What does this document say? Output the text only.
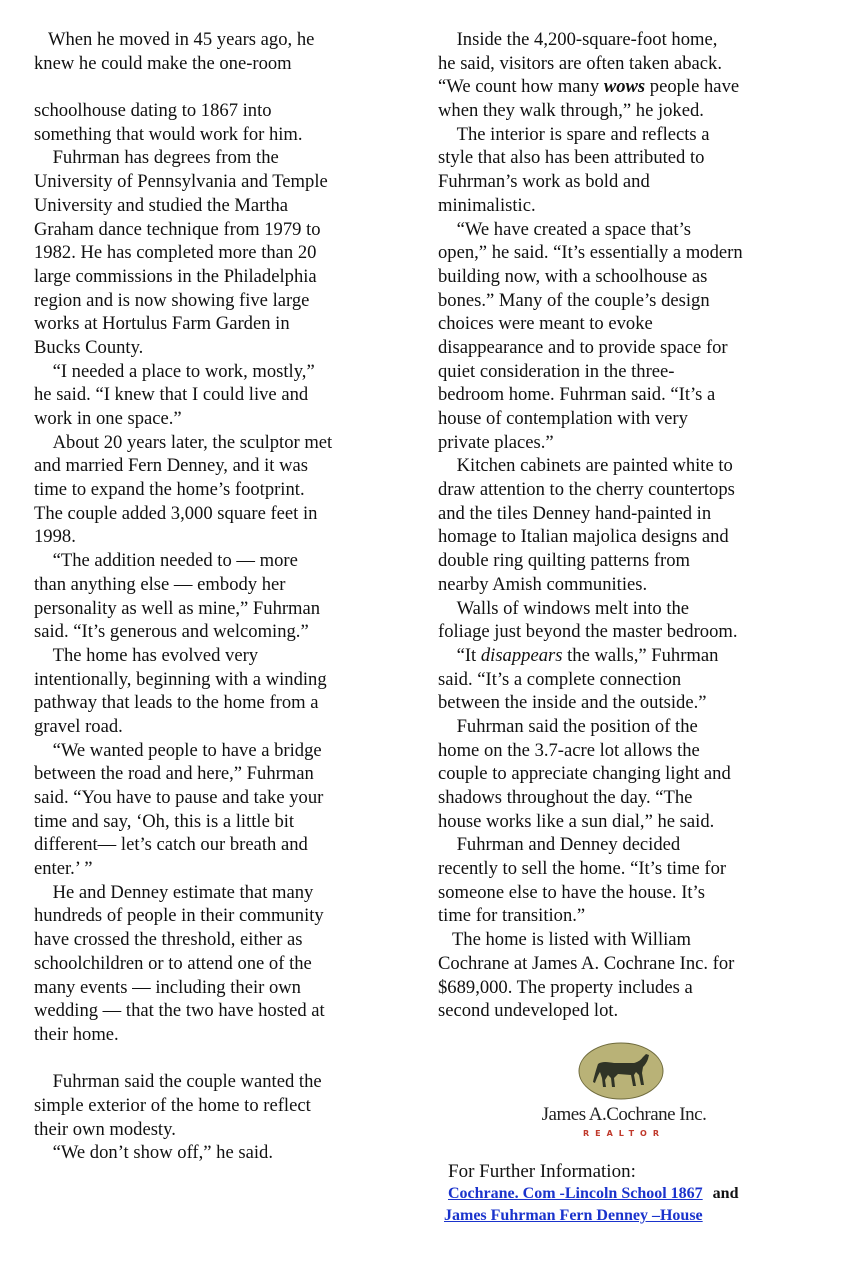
When he moved in 45 years ago, he
knew he could make the one-room
schoolhouse dating to 1867 into
something that would work for him.
Fuhrman has degrees from the
University of Pennsylvania and Temple
University and studied the Martha
Graham dance technique from 1979 to
1982. He has completed more than 20
large commissions in the Philadelphia
region and is now showing five large
works at Hortulus Farm Garden in
Bucks County.
“I needed a place to work, mostly,”
he said. “I knew that I could live and
work in one space.”
About 20 years later, the sculptor met
and married Fern Denney, and it was
time to expand the home’s footprint.
The couple added 3,000 square feet in
1998.
“The addition needed to — more
than anything else — embody her
personality as well as mine,” Fuhrman
said. “It’s generous and welcoming.”
The home has evolved very
intentionally, beginning with a winding
pathway that leads to the home from a
gravel road.
“We wanted people to have a bridge
between the road and here,” Fuhrman
said. “You have to pause and take your
time and say, ‘Oh, this is a little bit
different— let’s catch our breath and
enter.’ ”
He and Denney estimate that many
hundreds of people in their community
have crossed the threshold, either as
schoolchildren or to attend one of the
many events — including their own
wedding — that the two have hosted at
their home.
Fuhrman said the couple wanted the
simple exterior of the home to reflect
their own modesty.
“We don’t show off,” he said.
Inside the 4,200-square-foot home,
he said, visitors are often taken aback.
“We count how many wows people have
when they walk through,” he joked.
The interior is spare and reflects a
style that also has been attributed to
Fuhrman’s work as bold and
minimalistic.
“We have created a space that’s
open,” he said. “It’s essentially a modern
building now, with a schoolhouse as
bones.” Many of the couple’s design
choices were meant to evoke
disappearance and to provide space for
quiet consideration in the three-
bedroom home. Fuhrman said. “It’s a
house of contemplation with very
private places.”
Kitchen cabinets are painted white to
draw attention to the cherry countertops
and the tiles Denney hand-painted in
homage to Italian majolica designs and
double ring quilting patterns from
nearby Amish communities.
Walls of windows melt into the
foliage just beyond the master bedroom.
“It disappears the walls,” Fuhrman
said. “It’s a complete connection
between the inside and the outside.”
Fuhrman said the position of the
home on the 3.7-acre lot allows the
couple to appreciate changing light and
shadows throughout the day. “The
house works like a sun dial,” he said.
Fuhrman and Denney decided
recently to sell the home. “It’s time for
someone else to have the house. It’s
time for transition.”
The home is listed with William
Cochrane at James A. Cochrane Inc. for
$689,000. The property includes a
second undeveloped lot.
James A.Cochrane Inc.
REALTOR
For Further Information:
Cochrane. Com -Lincoln School 1867 and
James Fuhrman Fern Denney –House
